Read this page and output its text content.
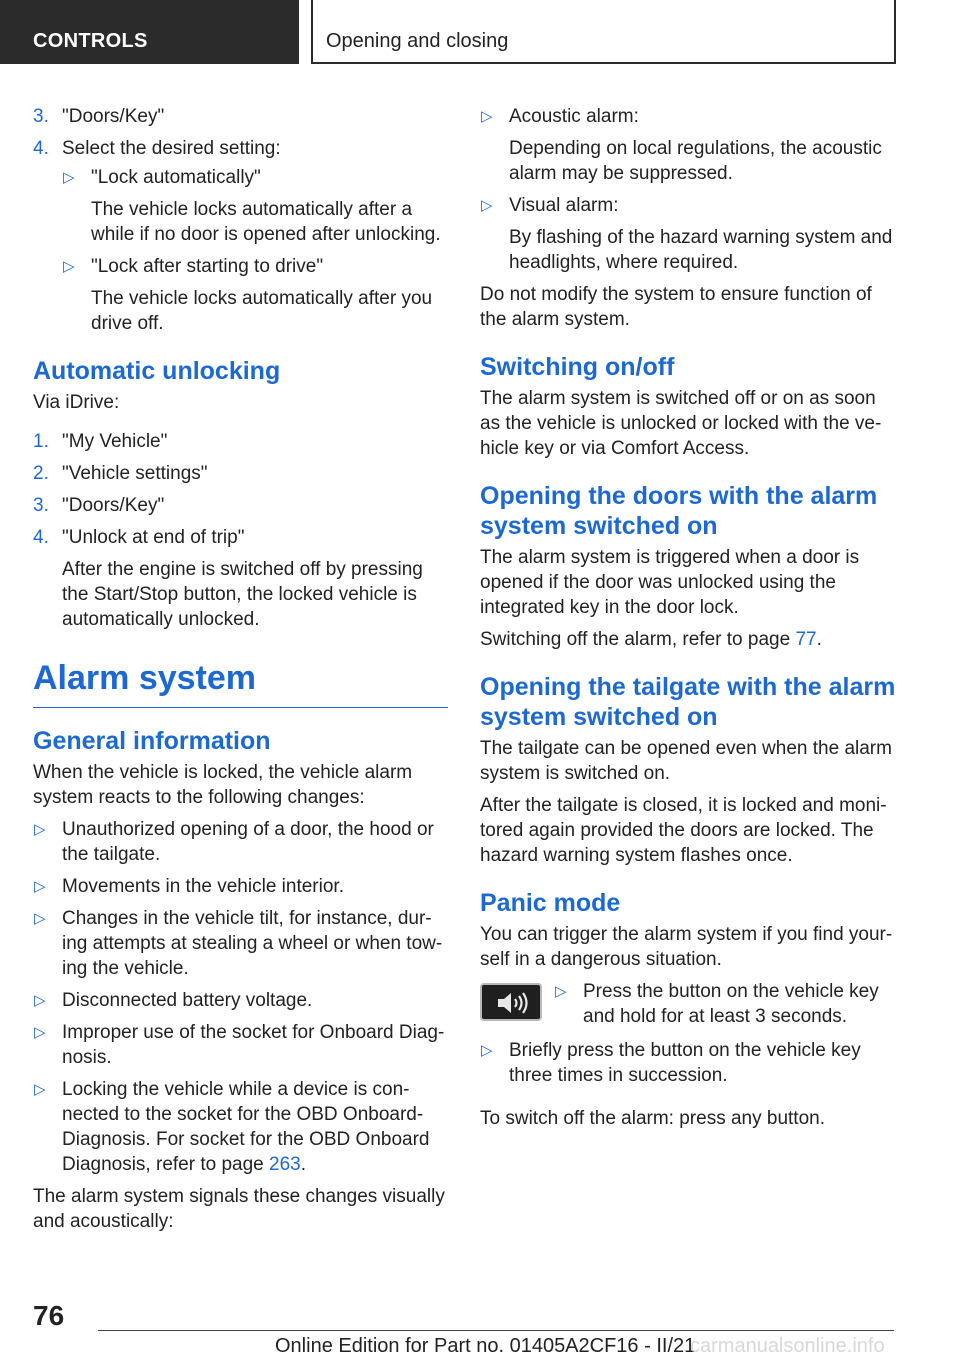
CONTROLS	Opening and closing
3. "Doors/Key"
4. Select the desired setting:
▷ "Lock automatically"

The vehicle locks automatically after a while if no door is opened after unlocking.

▷ "Lock after starting to drive"

The vehicle locks automatically after you drive off.

Automatic unlocking

Via iDrive:

1. "My Vehicle"
2. "Vehicle settings"
3. "Doors/Key"
4. "Unlock at end of trip"

After the engine is switched off by pressing the Start/Stop button, the locked vehicle is automatically unlocked.

Alarm system
General information

When the vehicle is locked, the vehicle alarm system reacts to the following changes:

▷ Unauthorized opening of a door, the hood or the tailgate.
▷ Movements in the vehicle interior.
▷ Changes in the vehicle tilt, for instance, dur-ing attempts at stealing a wheel or when tow-ing the vehicle.
▷ Disconnected battery voltage.
▷ Improper use of the socket for Onboard Diag-nosis.
▷ Locking the vehicle while a device is con-nected to the socket for the OBD Onboard-Diagnosis. For socket for the OBD Onboard Diagnosis, refer to page 263.

The alarm system signals these changes visually and acoustically:

▷ Acoustic alarm:

Depending on local regulations, the acoustic alarm may be suppressed.

▷ Visual alarm:

By flashing of the hazard warning system and headlights, where required.

Do not modify the system to ensure function of the alarm system.

Switching on/off

The alarm system is switched off or on as soon as the vehicle is unlocked or locked with the ve-hicle key or via Comfort Access.

Opening the doors with the alarm system switched on

The alarm system is triggered when a door is opened if the door was unlocked using the integrated key in the door lock.

Switching off the alarm, refer to page 77.

Opening the tailgate with the alarm system switched on

The tailgate can be opened even when the alarm system is switched on.

After the tailgate is closed, it is locked and moni-tored again provided the doors are locked. The hazard warning system flashes once.

Panic mode

You can trigger the alarm system if you find your-self in a dangerous situation.

▷ Press the button on the vehicle key and hold for at least 3 seconds.
▷ Briefly press the button on the vehicle key three times in succession.

To switch off the alarm: press any button.

76
Online Edition for Part no. 01405A2CF16 - II/21
carmanualsonline.info
